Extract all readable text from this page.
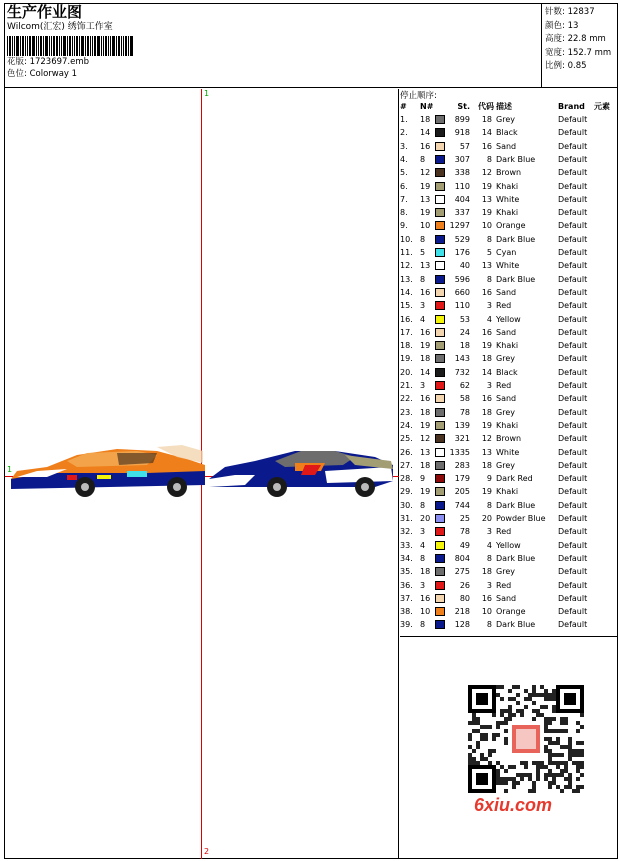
生产作业图
Wilcom(汇宏) 绣饰工作室
花版: 1723697.emb
色位: Colorway 1
针数: 12837
颜色: 13
高度: 22.8 mm
宽度: 152.7 mm
比例: 0.85
1
1
2
停止顺序:
#	N#	St.	代码 描述	Brand 元素
1.	18	899	18 Grey	Default
2.	14	918	14 Black	Default
3.	16	57	16 Sand	Default
4.	8	307	8 Dark Blue	Default
5.	12	338	12 Brown	Default
6.	19	110	19 Khaki	Default
7.	13	404	13 White	Default
8.	19	337	19 Khaki	Default
9.	10	1297	10 Orange	Default
10. 8	529	8 Dark Blue	Default
11. 5	176	5 Cyan	Default
12. 13	40	13 White	Default
13. 8	596	8 Dark Blue	Default
14. 16	660	16 Sand	Default
15. 3	110	3 Red	Default
16. 4	53	4 Yellow	Default
17. 16	24	16 Sand	Default
18. 19	18	19 Khaki	Default
19. 18	143	18 Grey	Default
20. 14	732	14 Black	Default
21. 3	62	3 Red	Default
22. 16	58	16 Sand	Default
23. 18	78	18 Grey	Default
24. 19	139	19 Khaki	Default
25. 12	321	12 Brown	Default
26. 13	1335	13 White	Default
27. 18	283	18 Grey	Default
28. 9	179	9 Dark Red	Default
29. 19	205	19 Khaki	Default
30. 8	744	8 Dark Blue	Default
31. 20	25	20 Powder Blue Default
32. 3	78	3 Red	Default
33. 4	49	4 Yellow	Default
34. 8	804	8 Dark Blue	Default
35. 18	275	18 Grey	Default
36. 3	26	3 Red	Default
37. 16	80	16 Sand	Default
38. 10	218	10 Orange	Default
39. 8	128	8 Dark Blue	Default
6xiu.com
